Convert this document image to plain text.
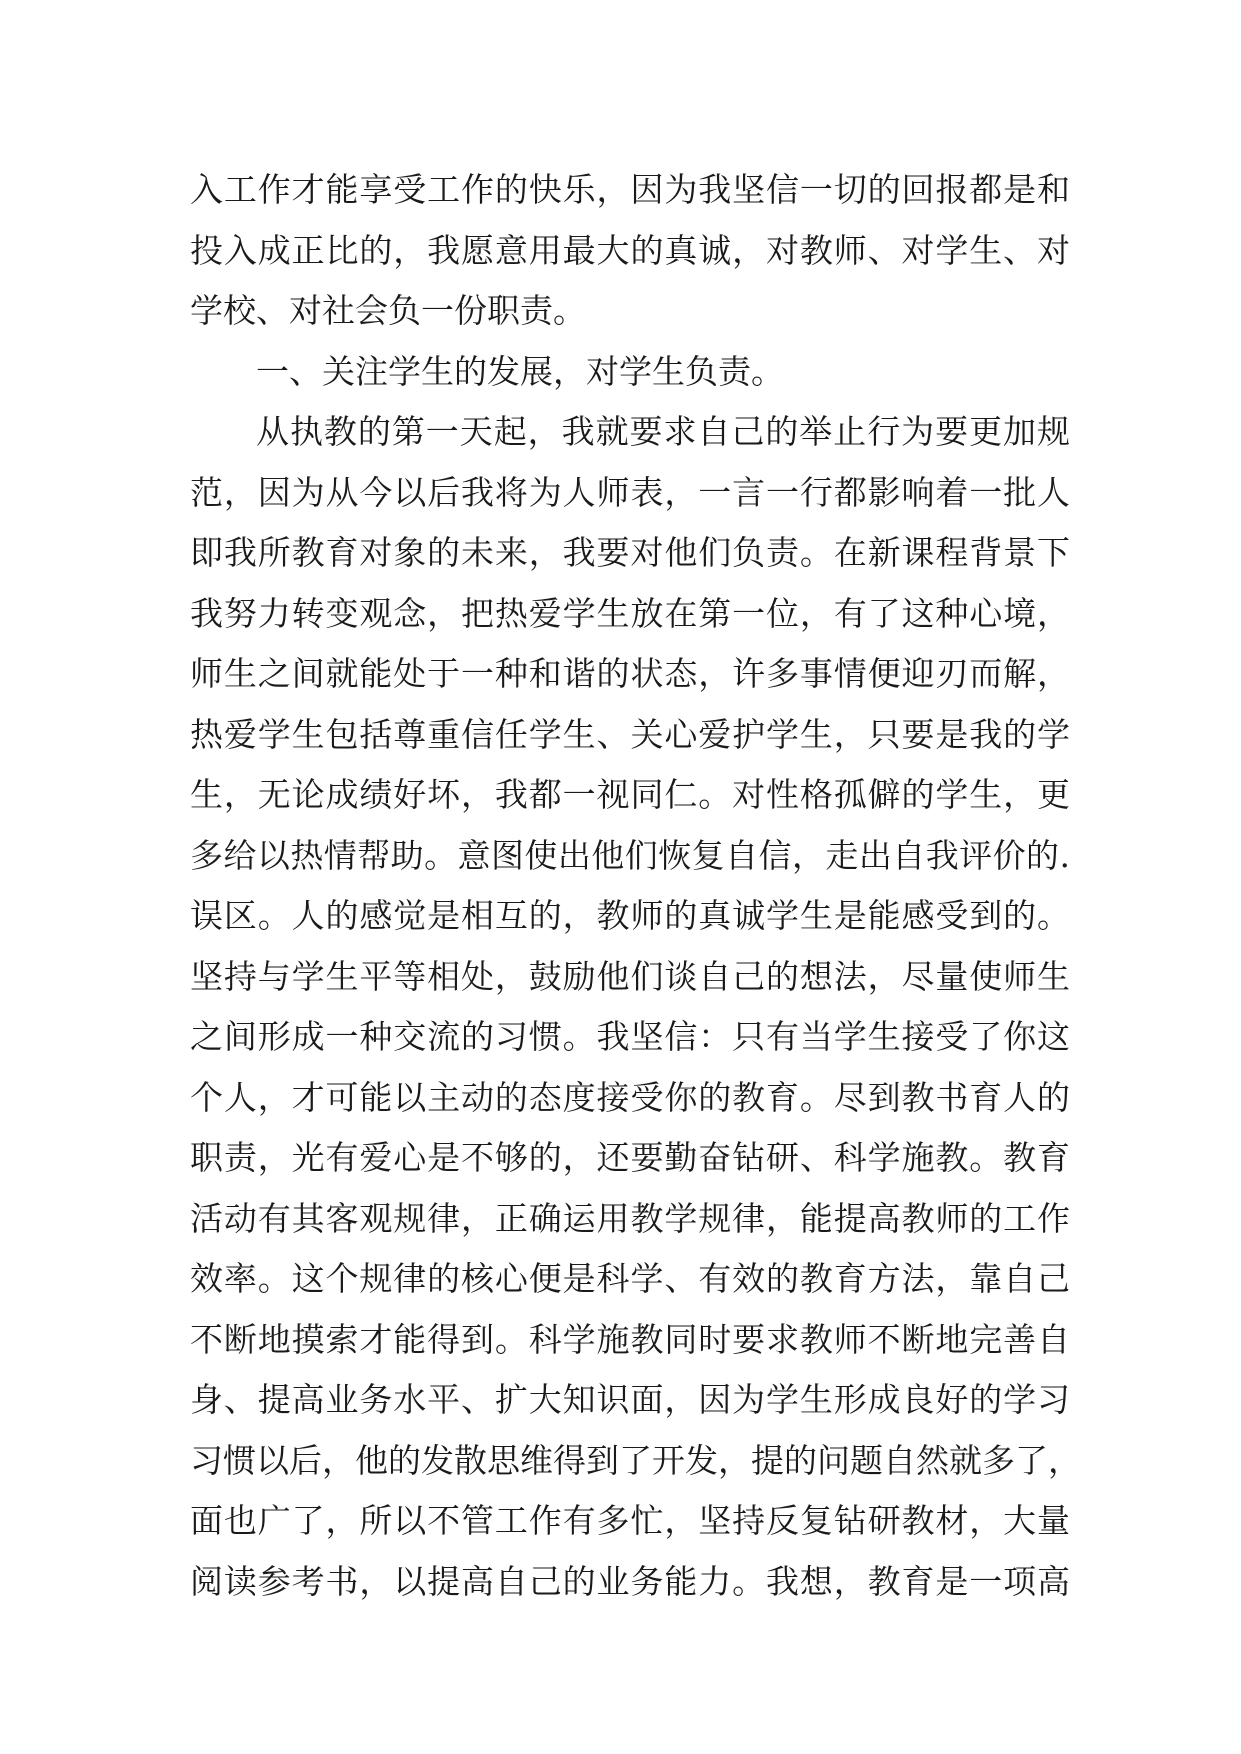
入工作才能享受工作的快乐，因为我坚信一切的回报都是和
投入成正比的，我愿意用最大的真诚，对教师、对学生、对
学校、对社会负一份职责。
一、关注学生的发展，对学生负责。
从执教的第一天起，我就要求自己的举止行为要更加规
范，因为从今以后我将为人师表，一言一行都影响着一批人
即我所教育对象的未来，我要对他们负责。在新课程背景下
我努力转变观念，把热爱学生放在第一位，有了这种心境，
师生之间就能处于一种和谐的状态，许多事情便迎刃而解，
热爱学生包括尊重信任学生、关心爱护学生，只要是我的学
生，无论成绩好坏，我都一视同仁。对性格孤僻的学生，更
多给以热情帮助。意图使出他们恢复自信，走出自我评价的.
误区。人的感觉是相互的，教师的真诚学生是能感受到的。
坚持与学生平等相处，鼓励他们谈自己的想法，尽量使师生
之间形成一种交流的习惯。我坚信：只有当学生接受了你这
个人，才可能以主动的态度接受你的教育。尽到教书育人的
职责，光有爱心是不够的，还要勤奋钻研、科学施教。教育
活动有其客观规律，正确运用教学规律，能提高教师的工作
效率。这个规律的核心便是科学、有效的教育方法，靠自己
不断地摸索才能得到。科学施教同时要求教师不断地完善自
身、提高业务水平、扩大知识面，因为学生形成良好的学习
习惯以后，他的发散思维得到了开发，提的问题自然就多了，
面也广了，所以不管工作有多忙，坚持反复钻研教材，大量
阅读参考书，以提高自己的业务能力。我想，教育是一项高
